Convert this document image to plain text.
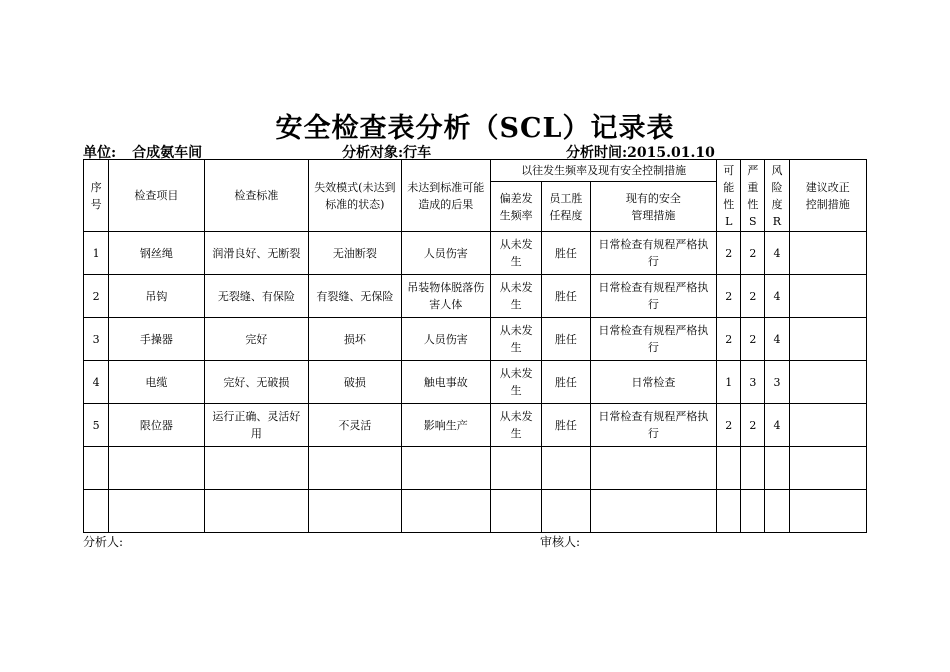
安全检查表分析（SCL）记录表
单位: 合成氨车间	分析对象:行车	分析时间:2015.01.10
序号	检查项目	检查标准	失效模式(未达到标准的状态)	未达到标准可能造成的后果	以往发生频率及现有安全控制措施			可能性L	严重性S	风险度R	建议改正控制措施

					偏差发生频率	员工胜任程度	现有的安全管理措施				

1	钢丝绳	润滑良好、无断裂	无油断裂	人员伤害	从未发生	胜任	日常检查有规程严格执行	2	2	4	
2	吊钩	无裂缝、有保险	有裂缝、无保险	吊装物体脱落伤害人体	从未发生	胜任	日常检查有规程严格执行	2	2	4	
3	手操器	完好	损坏	人员伤害	从未发生	胜任	日常检查有规程严格执行	2	2	4	
4	电缆	完好、无破损	破损	触电事故	从未发生	胜任	日常检查	1	3	3	
5	限位器	运行正确、灵活好用	不灵活	影响生产	从未发生	胜任	日常检查有规程严格执行	2	2	4	

分析人:	审核人:
